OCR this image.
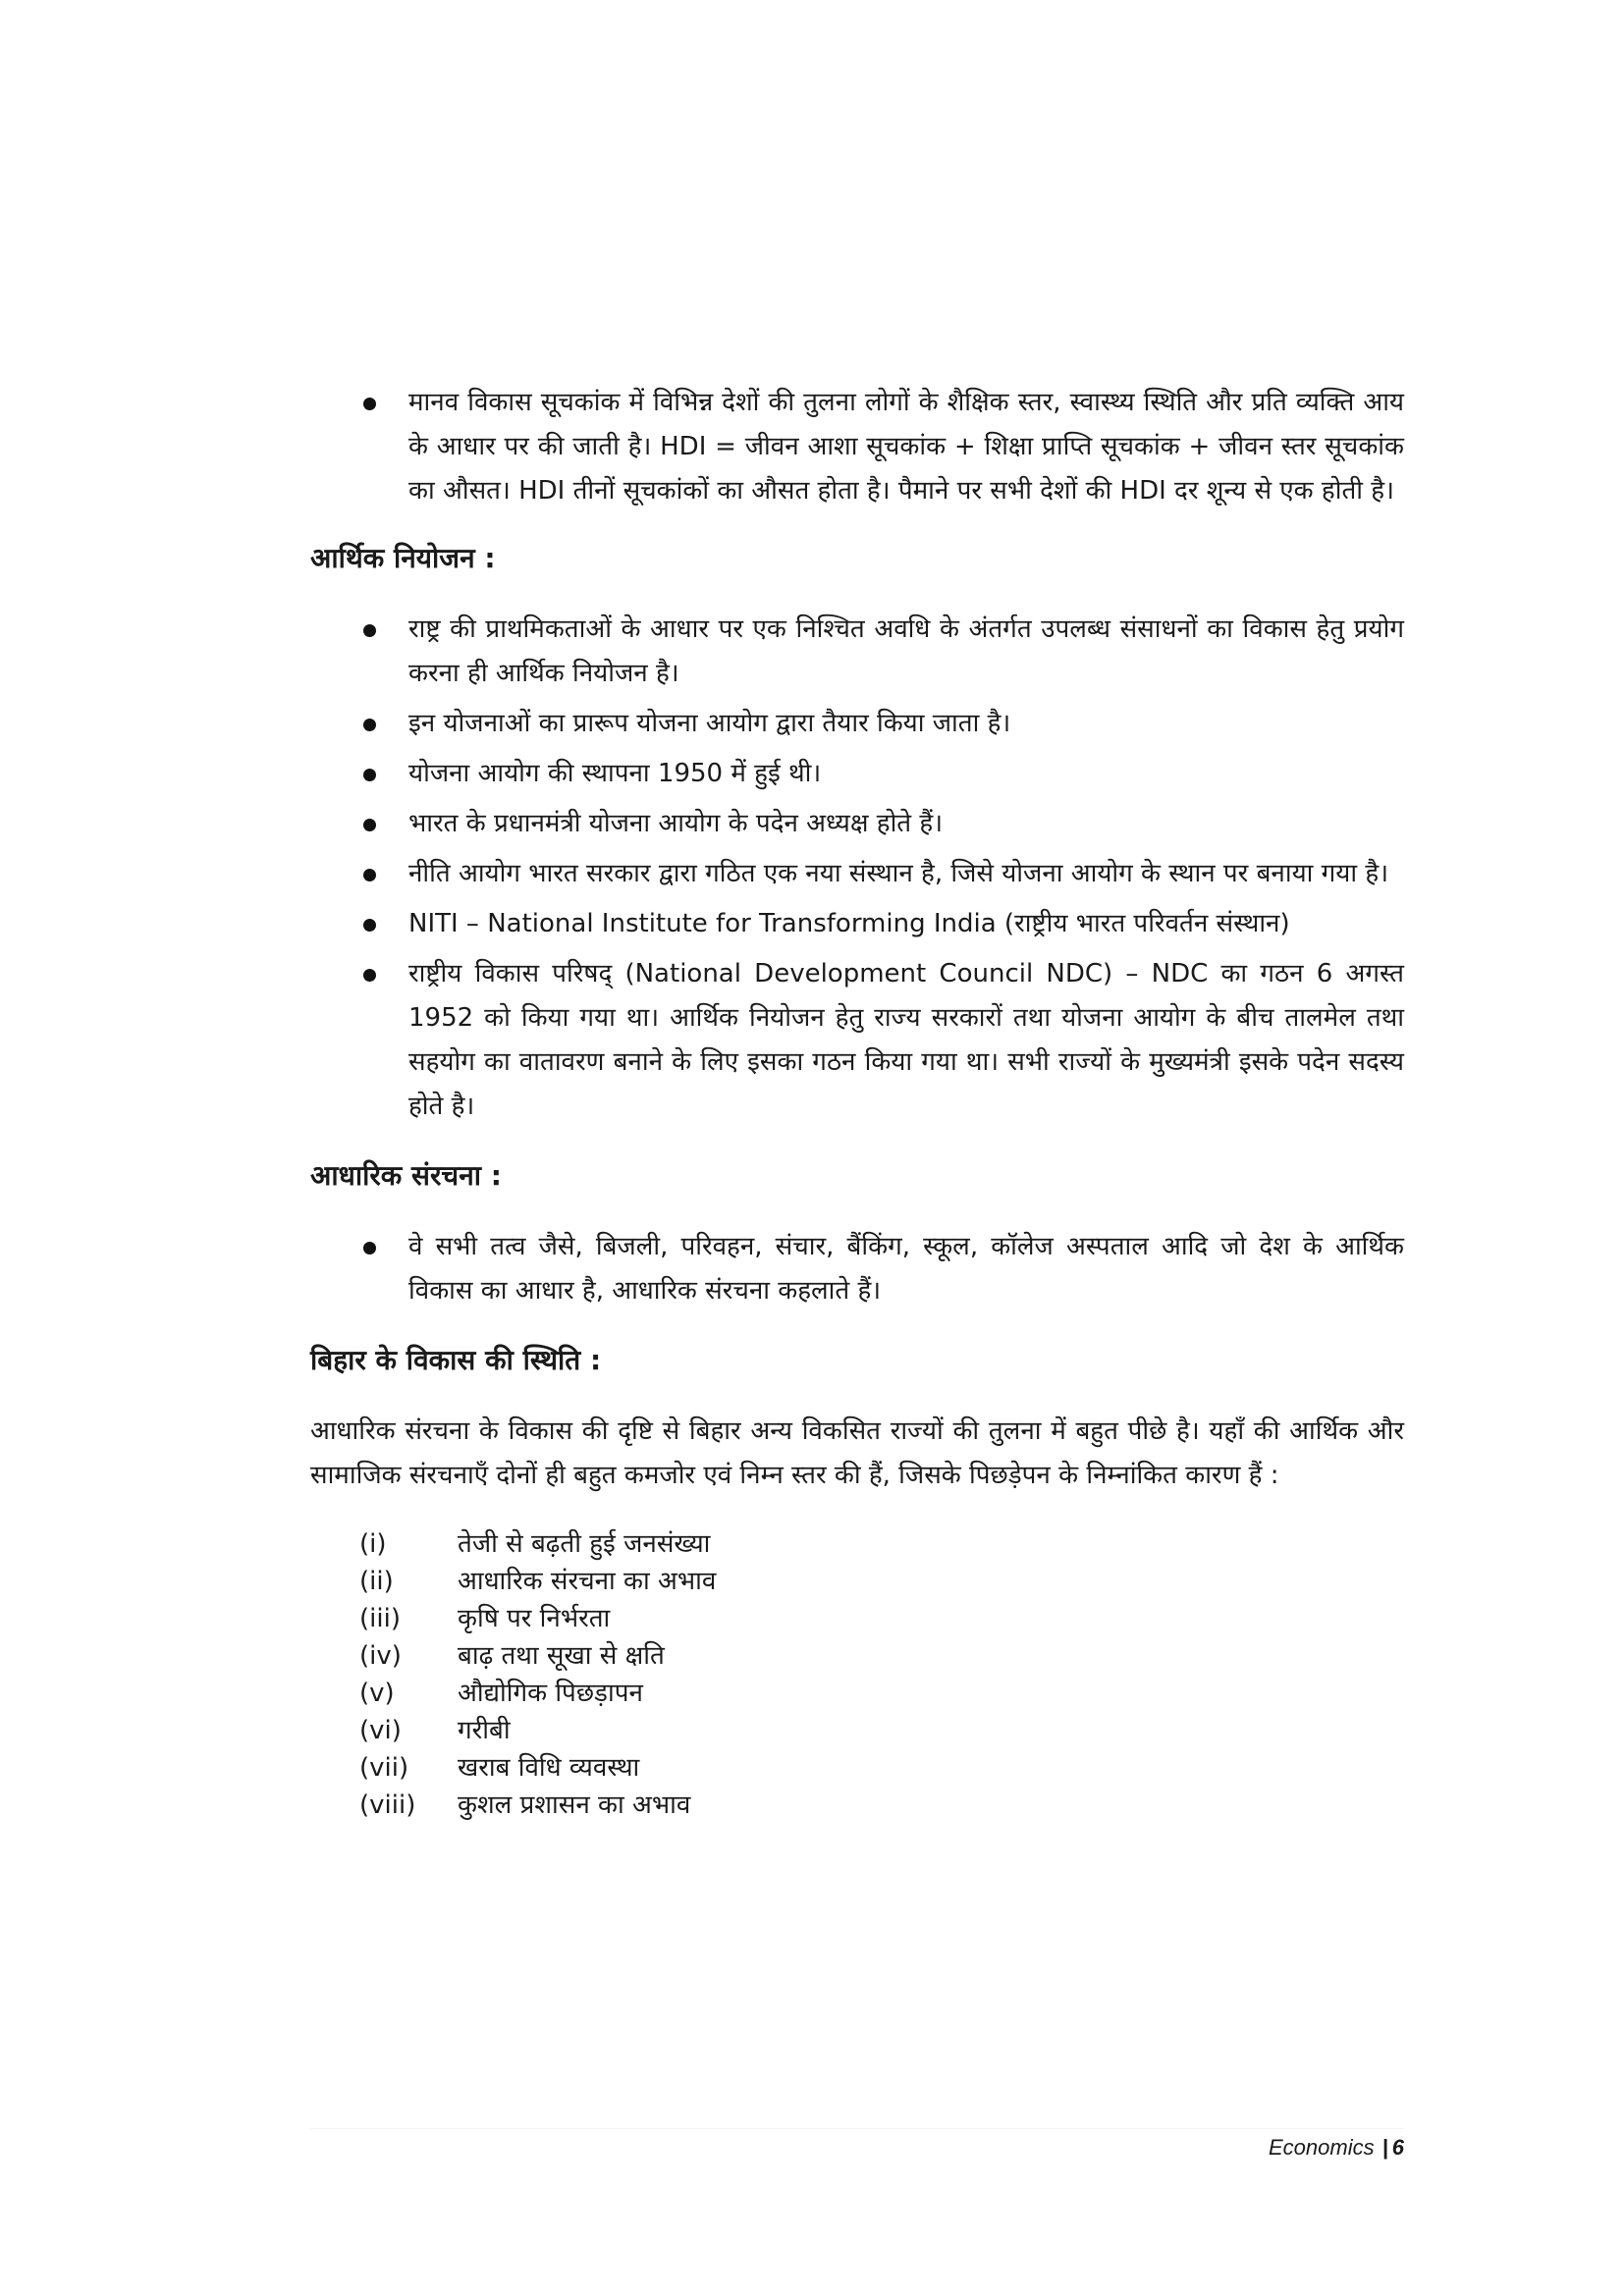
मानव विकास सूचकांक में विभिन्न देशों की तुलना लोगों के शैक्षिक स्तर, स्वास्थ्य स्थिति और प्रति व्यक्ति आय के आधार पर की जाती है। HDI = जीवन आशा सूचकांक + शिक्षा प्राप्ति सूचकांक + जीवन स्तर सूचकांक का औसत। HDI तीनों सूचकांकों का औसत होता है। पैमाने पर सभी देशों की HDI दर शून्य से एक होती है।
आर्थिक नियोजन :
राष्ट्र की प्राथमिकताओं के आधार पर एक निश्चित अवधि के अंतर्गत उपलब्ध संसाधनों का विकास हेतु प्रयोग करना ही आर्थिक नियोजन है।
इन योजनाओं का प्रारूप योजना आयोग द्वारा तैयार किया जाता है।
योजना आयोग की स्थापना 1950 में हुई थी।
भारत के प्रधानमंत्री योजना आयोग के पदेन अध्यक्ष होते हैं।
नीति आयोग भारत सरकार द्वारा गठित एक नया संस्थान है, जिसे योजना आयोग के स्थान पर बनाया गया है।
NITI – National Institute for Transforming India (राष्ट्रीय भारत परिवर्तन संस्थान)
राष्ट्रीय विकास परिषद् (National Development Council NDC) – NDC का गठन 6 अगस्त 1952 को किया गया था। आर्थिक नियोजन हेतु राज्य सरकारों तथा योजना आयोग के बीच तालमेल तथा सहयोग का वातावरण बनाने के लिए इसका गठन किया गया था। सभी राज्यों के मुख्यमंत्री इसके पदेन सदस्य होते है।
आधारिक संरचना :
वे सभी तत्व जैसे, बिजली, परिवहन, संचार, बैंकिंग, स्कूल, कॉलेज अस्पताल आदि जो देश के आर्थिक विकास का आधार है, आधारिक संरचना कहलाते हैं।
बिहार के विकास की स्थिति :

आधारिक संरचना के विकास की दृष्टि से बिहार अन्य विकसित राज्यों की तुलना में बहुत पीछे है। यहाँ की आर्थिक और सामाजिक संरचनाएँ दोनों ही बहुत कमजोर एवं निम्न स्तर की हैं, जिसके पिछड़ेपन के निम्नांकित कारण हैं :

(i)	तेजी से बढ़ती हुई जनसंख्या
(ii)	आधारिक संरचना का अभाव
(iii)	कृषि पर निर्भरता
(iv)	बाढ़ तथा सूखा से क्षति
(v)	औद्योगिक पिछड़ापन
(vi)	गरीबी
(vii)	खराब विधि व्यवस्था
(viii)	कुशल प्रशासन का अभाव
Economics | 6
